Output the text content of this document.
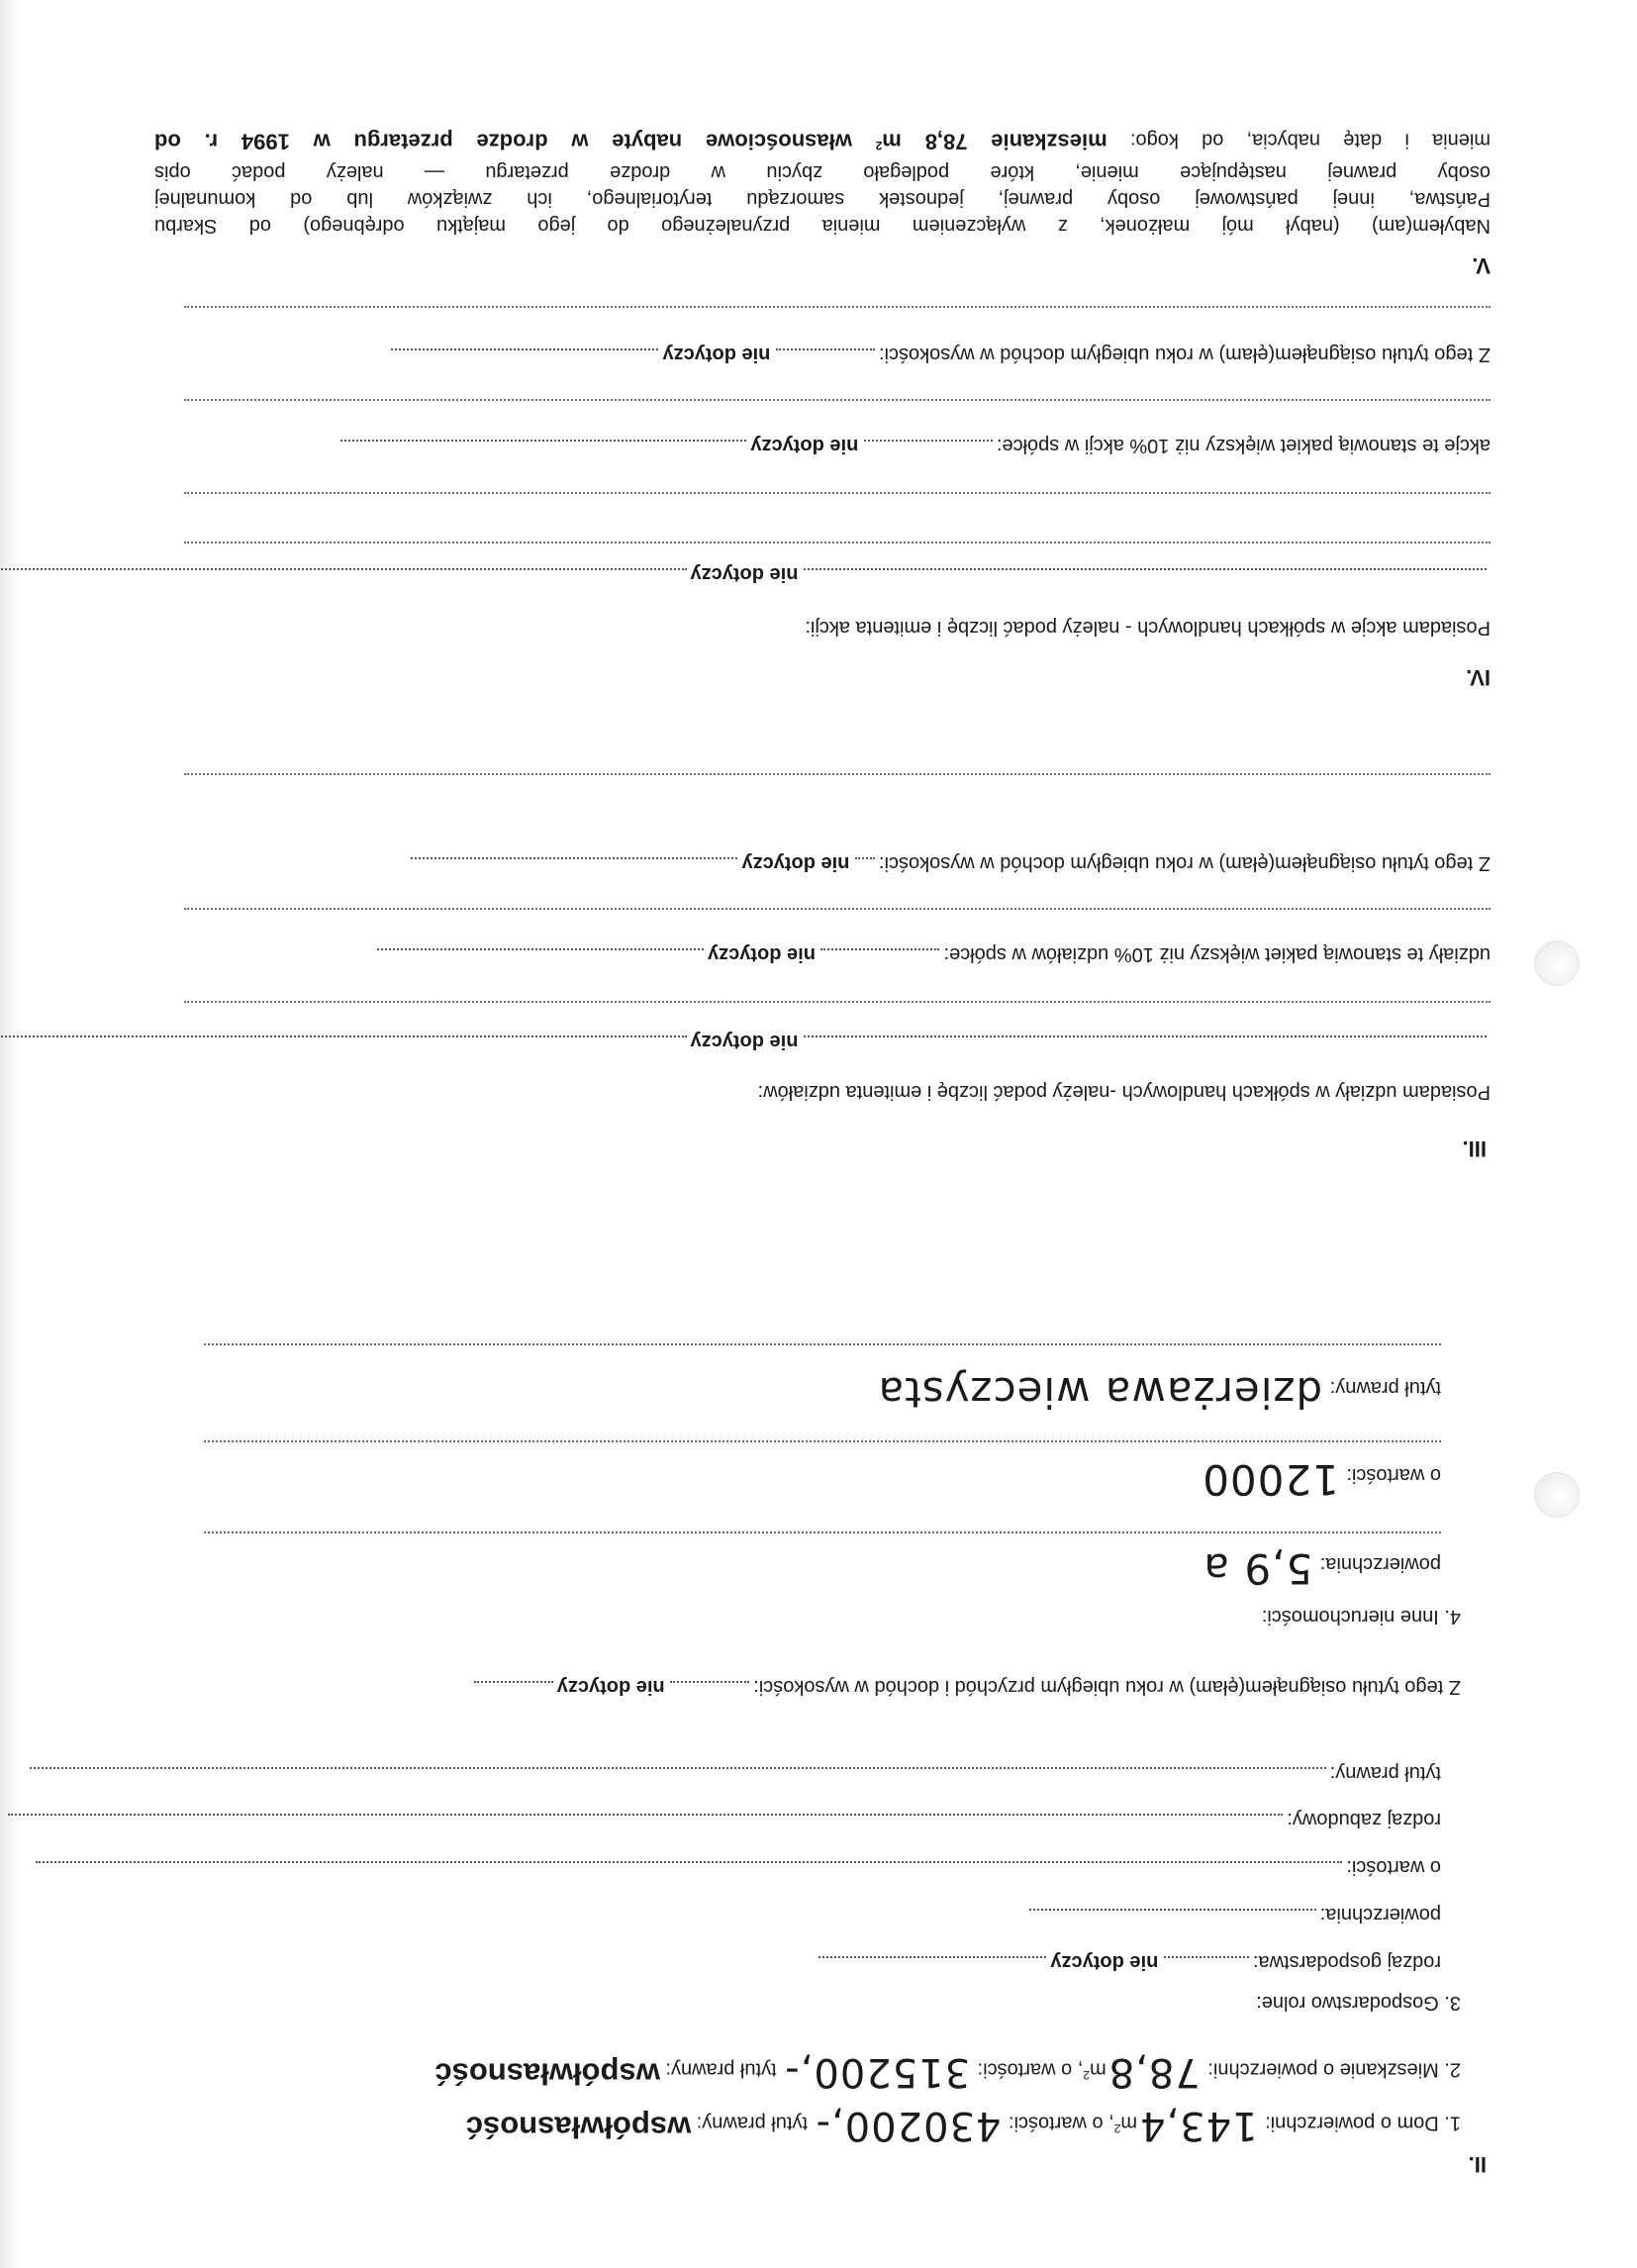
II.
1. Dom o powierzchni: $143,4m^2$, o wartości: 430200,- tytuł prawny: współwłasność
2. Mieszkanie o powierzchni: $78,8m^2$, o wartości: 315200,- tytuł prawny: współwłasność
3. Gospodarstwo rolne:
rodzaj gospodarstwa: nie dotyczy
powierzchnia:
o wartości:
rodzaj zabudowy:
tytuł prawny:
Z tego tytułu osiągnąłem(ęłam) w roku ubiegłym przychód i dochód w wysokości: nie dotyczy
4. Inne nieruchomości:
powierzchnia: 5,9 a
o wartości: 12000
tytuł prawny: dzierżawa wieczysta
III.
Posiadam udziały w spółkach handlowych -należy podać liczbę i emitenta udziałów:
nie dotyczy
udziały te stanowią pakiet większy niż 10% udziałów w spółce: nie dotyczy
Z tego tytułu osiągnąłem(ęłam) w roku ubiegłym dochód w wysokości: nie dotyczy
IV.
Posiadam akcje w spółkach handlowych - należy podać liczbę i emitenta akcji:
nie dotyczy
akcje te stanowią pakiet większy niż 10% akcji w spółce: nie dotyczy
Z tego tytułu osiągnąłem(ęłam) w roku ubiegłym dochód w wysokości: nie dotyczy
V.
Nabyłem(am) (nabył mój małżonek, z wyłączeniem mienia przynależnego do jego majątku odrębnego) od Skarbu
Państwa, innej państwowej osoby prawnej, jednostek samorządu terytorialnego, ich związków lub od komunalnej
osoby prawnej następujące mienie, które podlegało zbyciu w drodze przetargu — należy podać opis
mienia i datę nabycia, od kogo: mieszkanie 78,8 $m^2$ własnościowe nabyte w drodze przetargu w 1994 r. od
